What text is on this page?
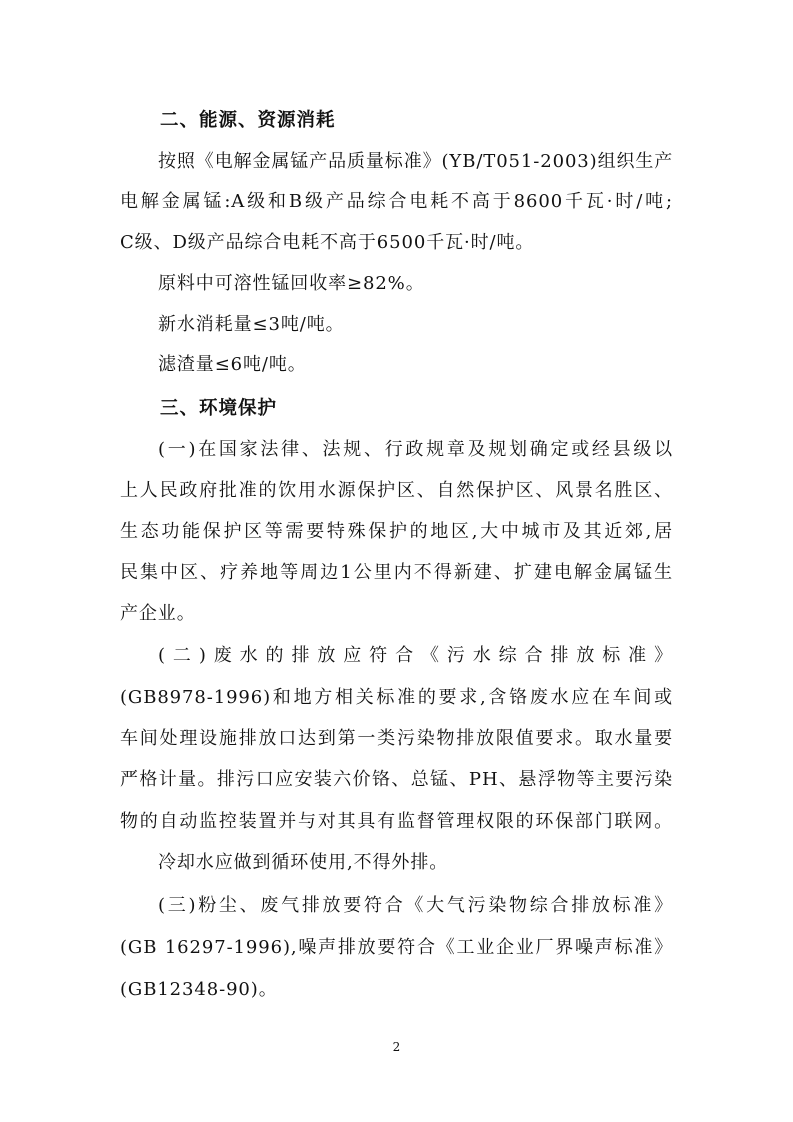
二、能源、资源消耗
按照《电解金属锰产品质量标准》(YB/T051-2003)组织生产
电解金属锰:A级和B级产品综合电耗不高于8600千瓦·时/吨;
C级、D级产品综合电耗不高于6500千瓦·时/吨。
原料中可溶性锰回收率≥82%。
新水消耗量≤3吨/吨。
滤渣量≤6吨/吨。
三、环境保护
(一)在国家法律、法规、行政规章及规划确定或经县级以
上人民政府批准的饮用水源保护区、自然保护区、风景名胜区、
生态功能保护区等需要特殊保护的地区,大中城市及其近郊,居
民集中区、疗养地等周边1公里内不得新建、扩建电解金属锰生
产企业。
(二)废水的排放应符合《污水综合排放标准》
(GB8978-1996)和地方相关标准的要求,含铬废水应在车间或
车间处理设施排放口达到第一类污染物排放限值要求。取水量要
严格计量。排污口应安装六价铬、总锰、PH、悬浮物等主要污染
物的自动监控装置并与对其具有监督管理权限的环保部门联网。
冷却水应做到循环使用,不得外排。
(三)粉尘、废气排放要符合《大气污染物综合排放标准》
(GB 16297-1996),噪声排放要符合《工业企业厂界噪声标准》
(GB12348-90)。
2
